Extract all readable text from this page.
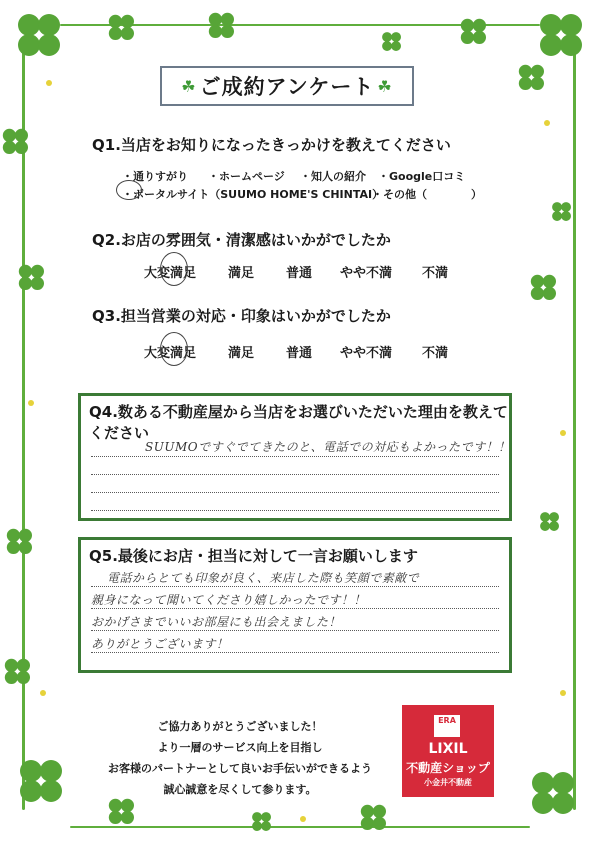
☘ ご成約アンケート ☘
Q1.当店をお知りになったきっかけを教えてください
・通りすがり ・ホームページ ・知人の紹介 ・Google口コミ
・ポータルサイト（SUUMO HOME'S CHINTAI）
・その他（　　　　）
Q2.お店の雰囲気・清潔感はいかがでしたか
大変満足 満足 普通 やや不満 不満
Q3.担当営業の対応・印象はいかがでしたか
大変満足 満足 普通 やや不満 不満
Q4.数ある不動産屋から当店をお選びいただいた理由を教えて
ください
SUUMOですぐでてきたのと、電話での対応もよかったです！！
Q5.最後にお店・担当に対して一言お願いします
電話からとても印象が良く、来店した際も笑顔で素敵で
親身になって聞いてくださり嬉しかったです！！
おかげさまでいいお部屋にも出会えました！
ありがとうございます！
ご協力ありがとうございました！
より一層のサービス向上を目指し
お客様のパートナーとして良いお手伝いができるよう
誠心誠意を尽くして参ります。
ERA
LIXIL
不動産ショップ
小金井不動産
